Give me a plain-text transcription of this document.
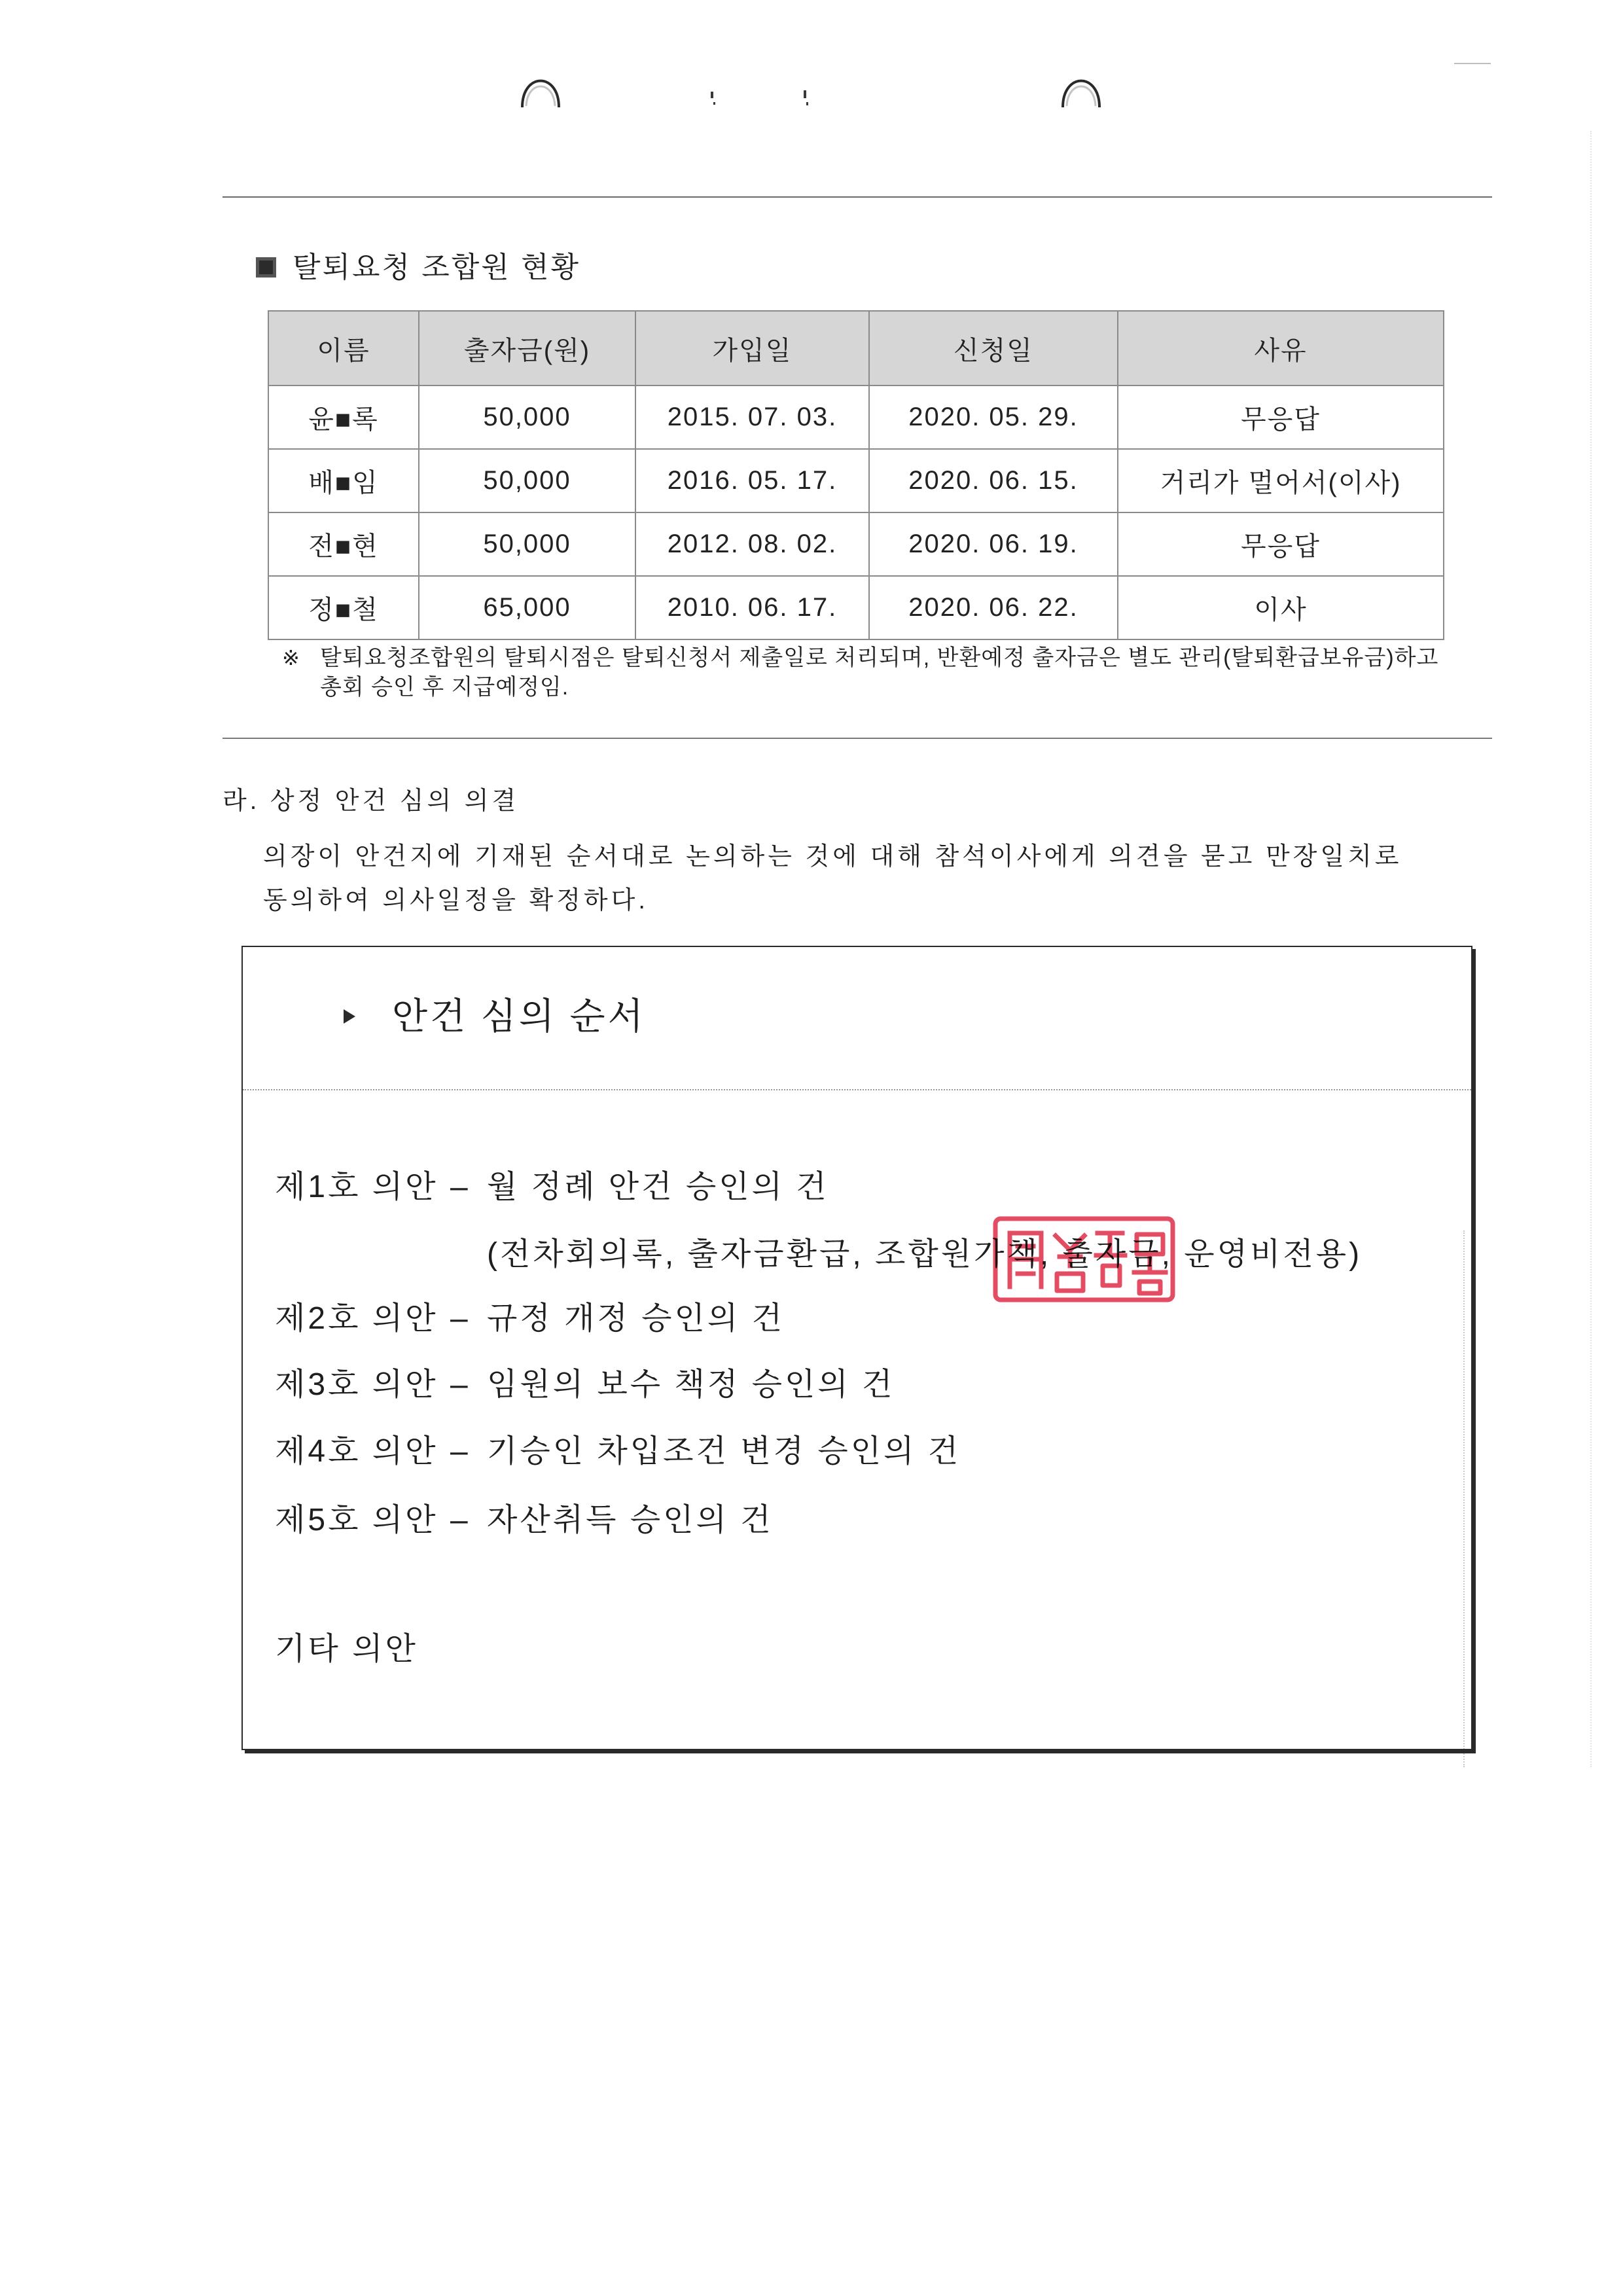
탈퇴요청 조합원 현황
이름	출자금(원)	가입일	신청일	사유
윤■록	50,000	2015. 07. 03.	2020. 05. 29.	무응답
배■임	50,000	2016. 05. 17.	2020. 06. 15.	거리가 멀어서(이사)
전■현	50,000	2012. 08. 02.	2020. 06. 19.	무응답
정■철	65,000	2010. 06. 17.	2020. 06. 22.	이사
※ 탈퇴요청조합원의 탈퇴시점은 탈퇴신청서 제출일로 처리되며, 반환예정 출자금은 별도 관리(탈퇴환급보유금)하고
총회 승인 후 지급예정임.
라. 상정 안건 심의 의결
의장이 안건지에 기재된 순서대로 논의하는 것에 대해 참석이사에게 의견을 묻고 만장일치로
동의하여 의사일정을 확정하다.
안건 심의 순서
제1호 의안 – 월 정례 안건 승인의 건
(전차회의록, 출자금환급, 조합원가책, 출자금, 운영비전용)
제2호 의안 – 규정 개정 승인의 건
제3호 의안 – 임원의 보수 책정 승인의 건
제4호 의안 – 기승인 차입조건 변경 승인의 건
제5호 의안 – 자산취득 승인의 건
기타 의안
